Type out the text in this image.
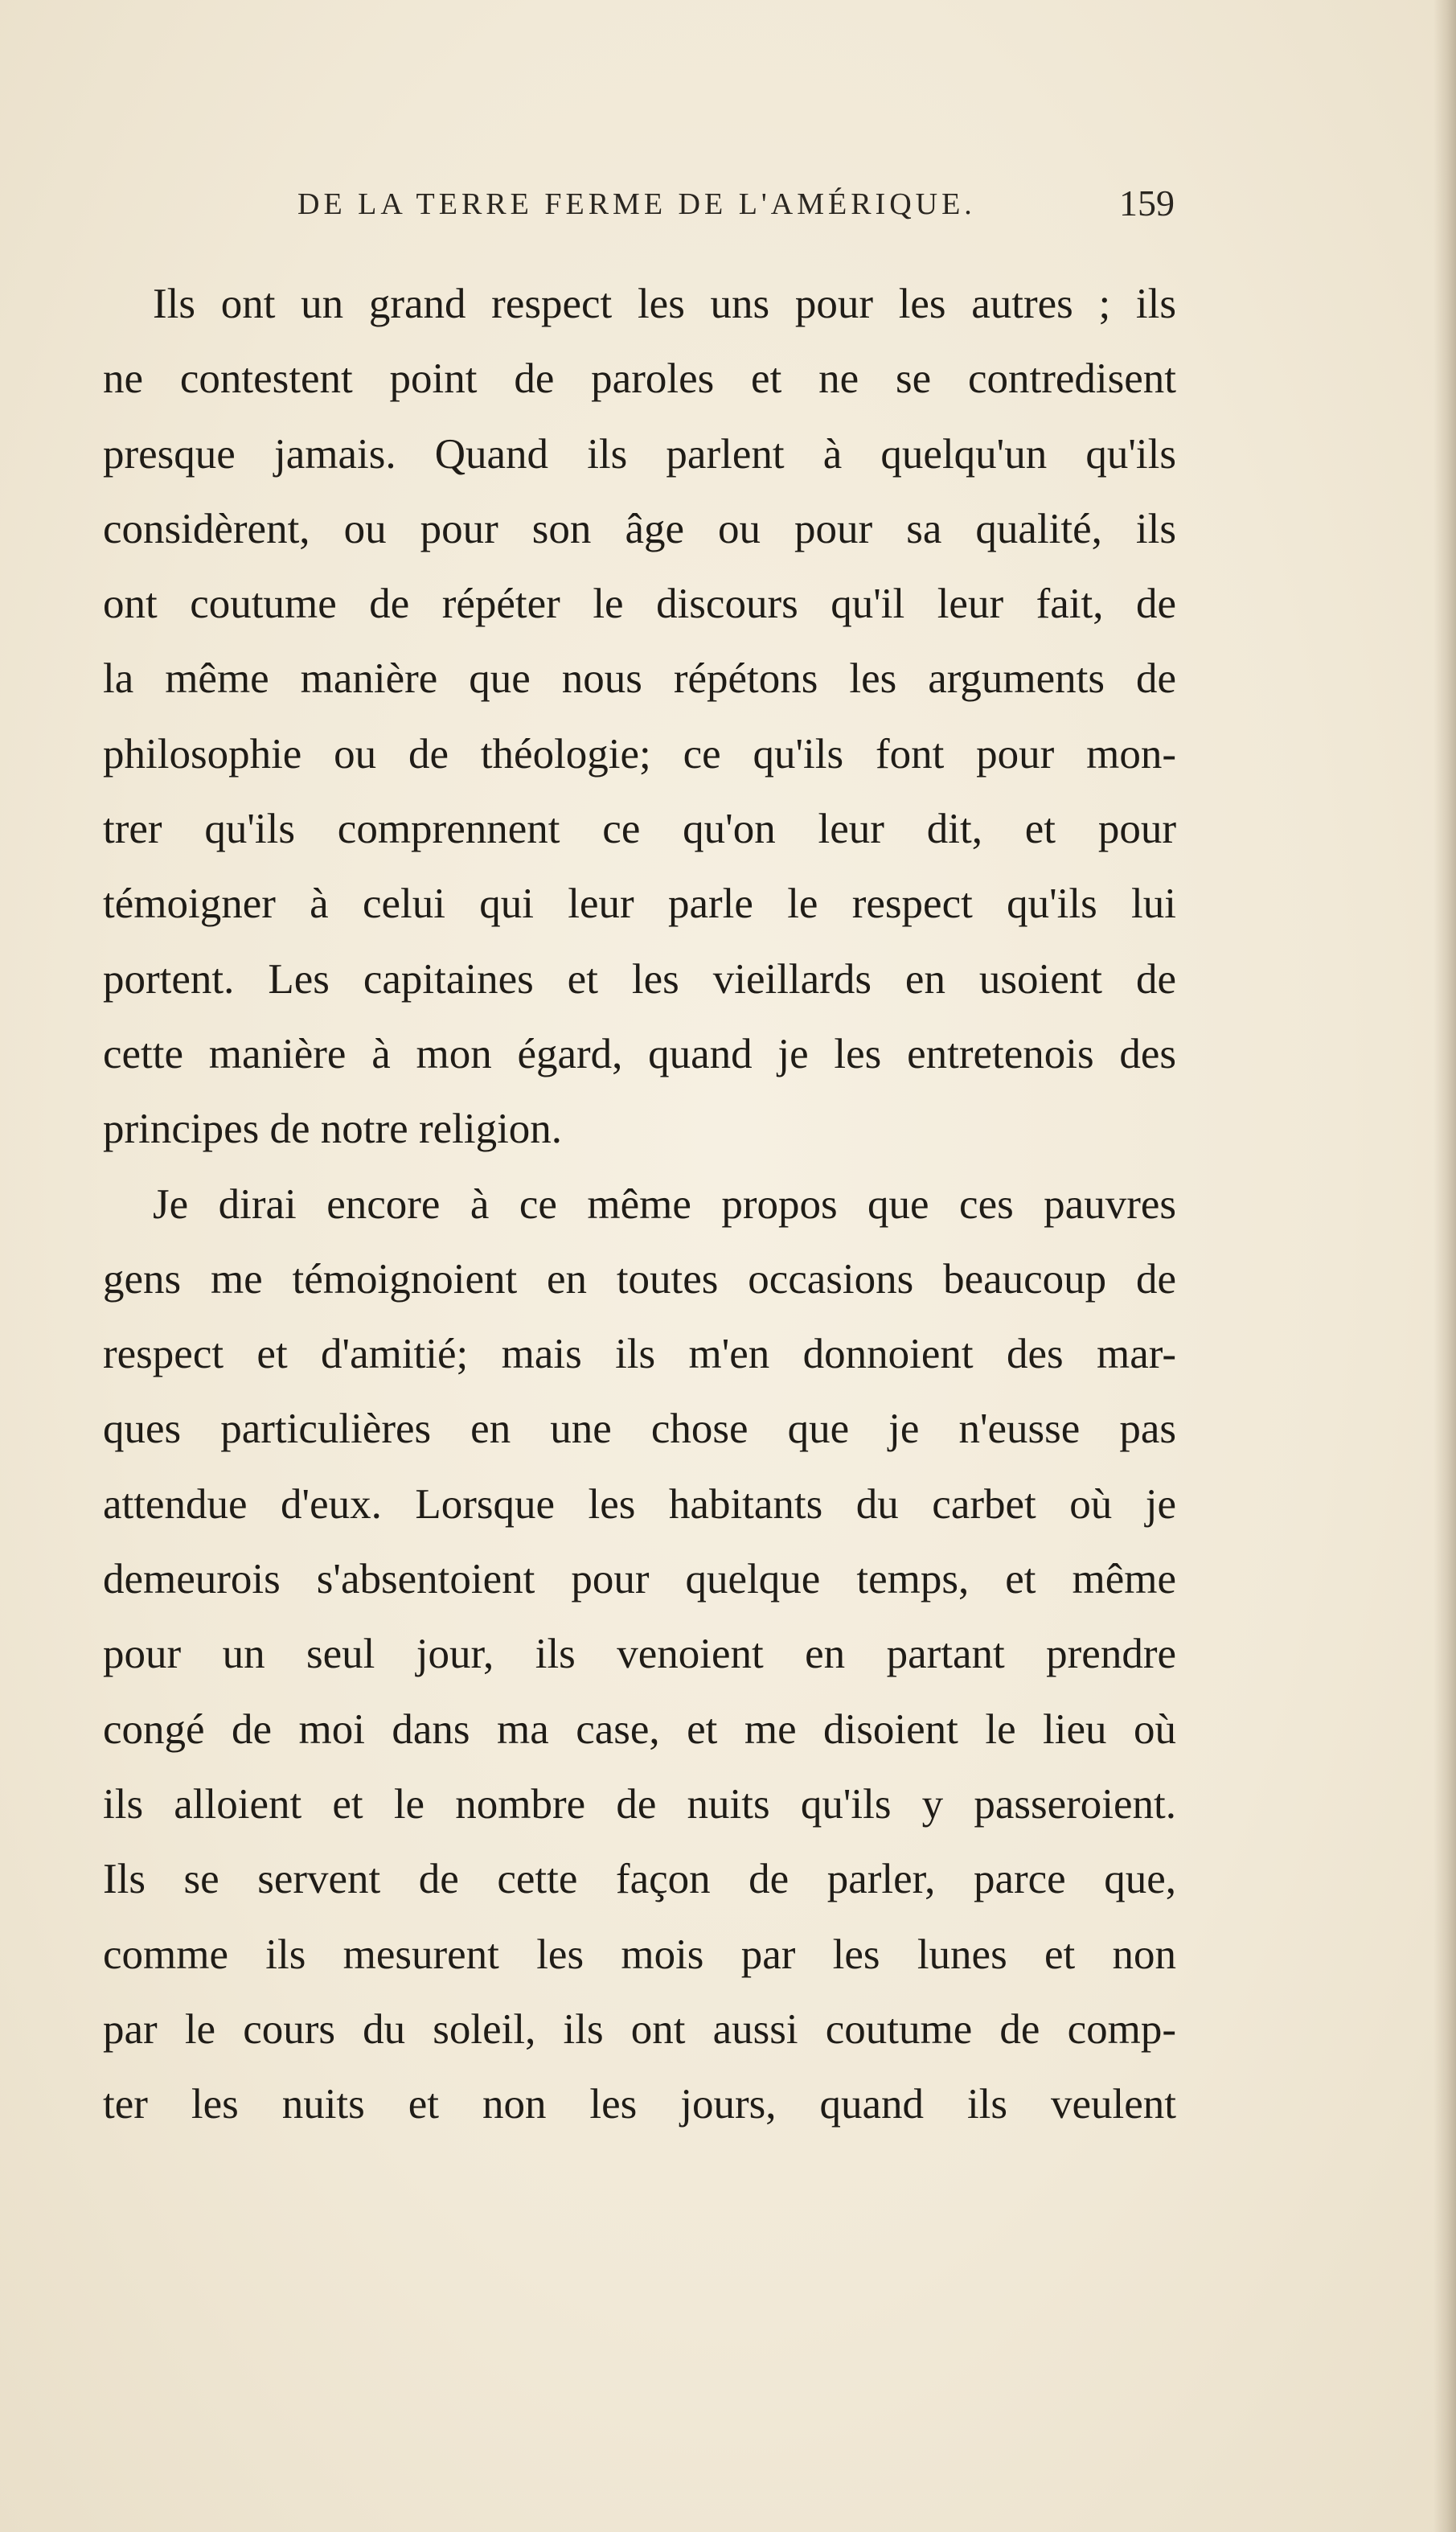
DE LA TERRE FERME DE L'AMÉRIQUE.	159
Ils ont un grand respect les uns pour les autres ; ils
ne contestent point de paroles et ne se contredisent
presque jamais. Quand ils parlent à quelqu'un qu'ils
considèrent, ou pour son âge ou pour sa qualité, ils
ont coutume de répéter le discours qu'il leur fait, de
la même manière que nous répétons les arguments de
philosophie ou de théologie; ce qu'ils font pour mon-
trer qu'ils comprennent ce qu'on leur dit, et pour
témoigner à celui qui leur parle le respect qu'ils lui
portent. Les capitaines et les vieillards en usoient de
cette manière à mon égard, quand je les entretenois des
principes de notre religion.
Je dirai encore à ce même propos que ces pauvres
gens me témoignoient en toutes occasions beaucoup de
respect et d'amitié; mais ils m'en donnoient des mar-
ques particulières en une chose que je n'eusse pas
attendue d'eux. Lorsque les habitants du carbet où je
demeurois s'absentoient pour quelque temps, et même
pour un seul jour, ils venoient en partant prendre
congé de moi dans ma case, et me disoient le lieu où
ils alloient et le nombre de nuits qu'ils y passeroient.
Ils se servent de cette façon de parler, parce que,
comme ils mesurent les mois par les lunes et non
par le cours du soleil, ils ont aussi coutume de comp-
ter les nuits et non les jours, quand ils veulent
